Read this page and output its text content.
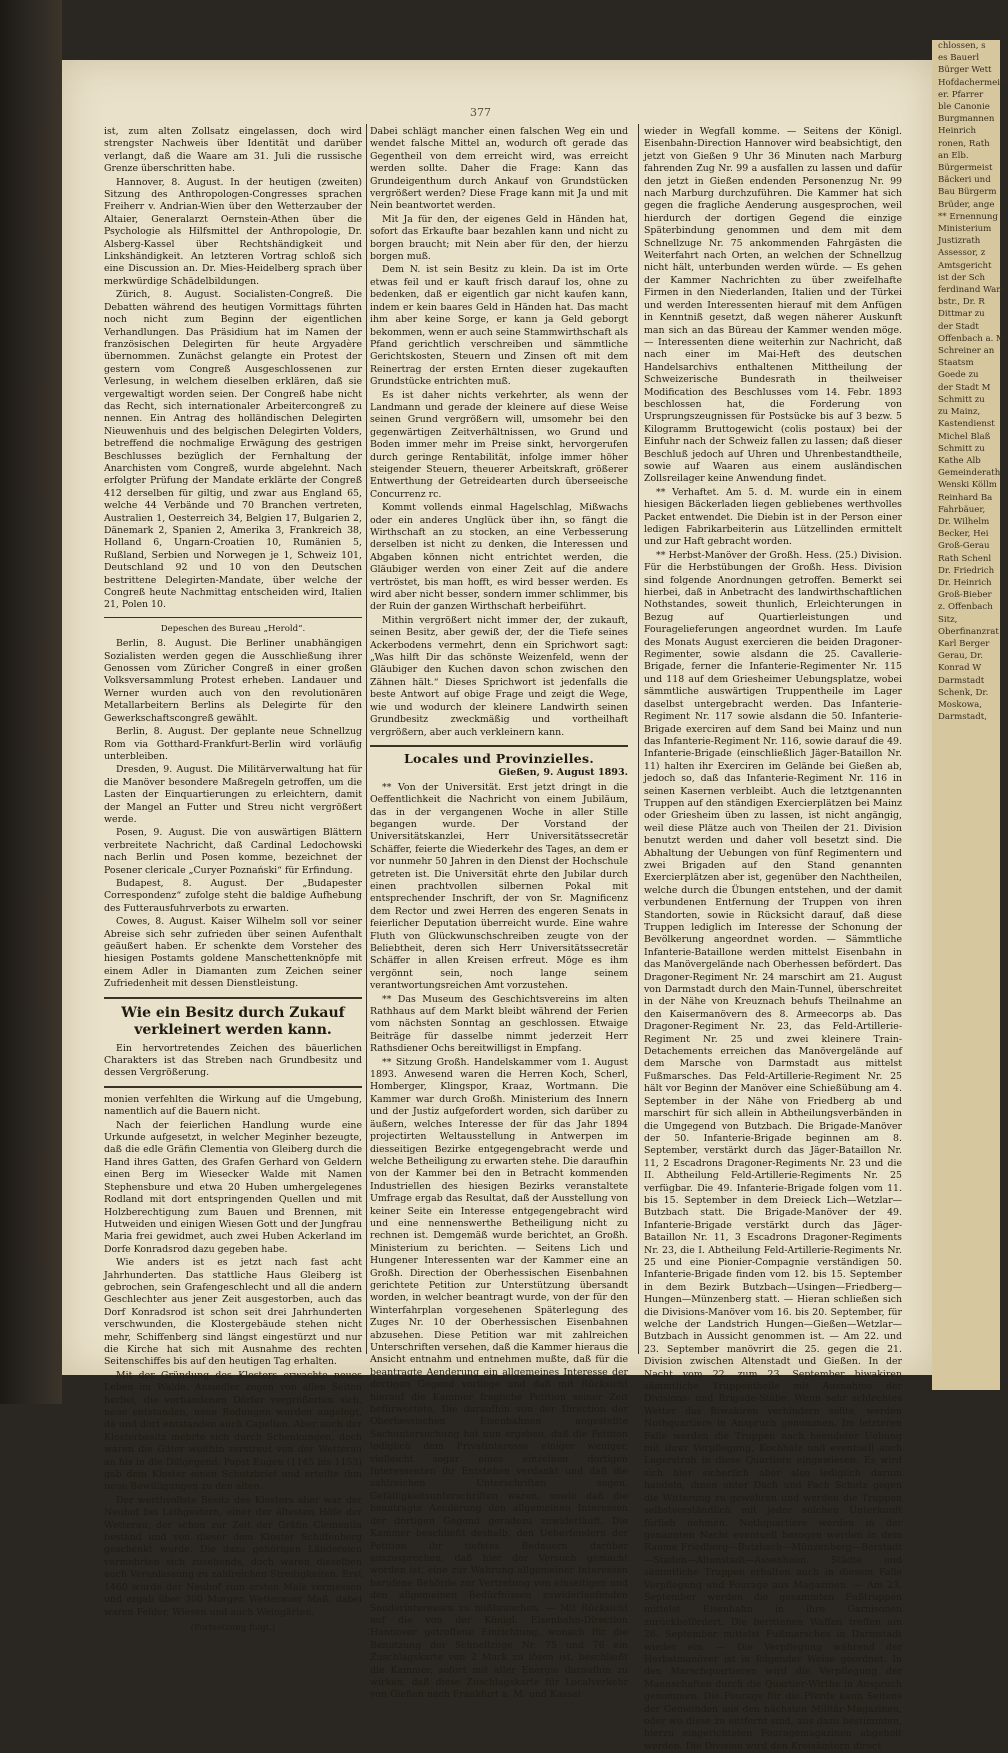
377

ist, zum alten Zollsatz eingelassen, doch wird strengster Nachweis über Identität und darüber verlangt, daß die Waare am 31. Juli die russische Grenze überschritten habe.

Hannover, 8. August. In der heutigen (zweiten) Sitzung des Anthropologen-Congresses sprachen Freiherr v. Andrian-Wien über den Wetterzauber der Altaier, Generalarzt Oernstein-Athen über die Psychologie als Hilfsmittel der Anthropologie, Dr. Alsberg-Kassel über Rechtshändigkeit und Linkshändigkeit. An letzteren Vortrag schloß sich eine Discussion an. Dr. Mies-Heidelberg sprach über merkwürdige Schädelbildungen.

Zürich, 8. August. Socialisten-Congreß. Die Debatten während des heutigen Vormittags führten noch nicht zum Beginn der eigentlichen Verhandlungen. Das Präsidium hat im Namen der französischen Delegirten für heute Argyadère übernommen. Zunächst gelangte ein Protest der gestern vom Congreß Ausgeschlossenen zur Verlesung, in welchem dieselben erklären, daß sie vergewaltigt worden seien. Der Congreß habe nicht das Recht, sich internationaler Arbeitercongreß zu nennen. Ein Antrag des holländischen Delegirten Nieuwenhuis und des belgischen Delegirten Volders, betreffend die nochmalige Erwägung des gestrigen Beschlusses bezüglich der Fernhaltung der Anarchisten vom Congreß, wurde abgelehnt. Nach erfolgter Prüfung der Mandate erklärte der Congreß 412 derselben für giltig, und zwar aus England 65, welche 44 Verbände und 70 Branchen vertreten, Australien 1, Oesterreich 34, Belgien 17, Bulgarien 2, Dänemark 2, Spanien 2, Amerika 3, Frankreich 38, Holland 6, Ungarn-Croatien 10, Rumänien 5, Rußland, Serbien und Norwegen je 1, Schweiz 101, Deutschland 92 und 10 von den Deutschen bestrittene Delegirten-Mandate, über welche der Congreß heute Nachmittag entscheiden wird, Italien 21, Polen 10.

Depeschen des Bureau „Herold“.

Berlin, 8. August. Die Berliner unabhängigen Sozialisten werden gegen die Ausschließung ihrer Genossen vom Züricher Congreß in einer großen Volksversammlung Protest erheben. Landauer und Werner wurden auch von den revolutionären Metallarbeitern Berlins als Delegirte für den Gewerkschaftscongreß gewählt.

Berlin, 8. August. Der geplante neue Schnellzug Rom via Gotthard-Frankfurt-Berlin wird vorläufig unterbleiben.

Dresden, 9. August. Die Militärverwaltung hat für die Manöver besondere Maßregeln getroffen, um die Lasten der Einquartierungen zu erleichtern, damit der Mangel an Futter und Streu nicht vergrößert werde.

Posen, 9. August. Die von auswärtigen Blättern verbreitete Nachricht, daß Cardinal Ledochowski nach Berlin und Posen komme, bezeichnet der Posener clericale „Curyer Poznański“ für Erfindung.

Budapest, 8. August. Der „Budapester Correspondenz“ zufolge steht die baldige Aufhebung des Futterausfuhrverbots zu erwarten.

Cowes, 8. August. Kaiser Wilhelm soll vor seiner Abreise sich sehr zufrieden über seinen Aufenthalt geäußert haben. Er schenkte dem Vorsteher des hiesigen Postamts goldene Manschettenknöpfe mit einem Adler in Diamanten zum Zeichen seiner Zufriedenheit mit dessen Dienstleistung.

Wie ein Besitz durch Zukauf verkleinert werden kann.

Ein hervortretendes Zeichen des bäuerlichen Charakters ist das Streben nach Grundbesitz und dessen Vergrößerung.

monien verfehlten die Wirkung auf die Umgebung, namentlich auf die Bauern nicht.

Nach der feierlichen Handlung wurde eine Urkunde aufgesetzt, in welcher Meginher bezeugte, daß die edle Gräfin Clementia von Gleiberg durch die Hand ihres Gatten, des Grafen Gerhard von Geldern einen Berg im Wiesecker Walde mit Namen Stephensbure und etwa 20 Huben umhergelegenes Rodland mit dort entspringenden Quellen und mit Holzberechtigung zum Bauen und Brennen, mit Hutweiden und einigen Wiesen Gott und der Jungfrau Maria frei gewidmet, auch zwei Huben Ackerland im Dorfe Konradsrod dazu gegeben habe.

Wie anders ist es jetzt nach fast acht Jahrhunderten. Das stattliche Haus Gleiberg ist gebrochen, sein Grafengeschlecht und all die andern Geschlechter aus jener Zeit ausgestorben, auch das Dorf Konradsrod ist schon seit drei Jahrhunderten verschwunden, die Klostergebäude stehen nicht mehr, Schiffenberg sind längst eingestürzt und nur die Kirche hat sich mit Ausnahme des rechten Seitenschiffes bis auf den heutigen Tag erhalten.

Mit der Gründung des Klosters erwachte neues Leben im Walde. Ansiedler zogen von allen Seiten herbei, die vorhandenen Dörfer vergrößerten sich, neue entstanden, neue Rodungen wurden angelegt, da und dort entstanden auch Capellen. Aber auch der Klosterbesitz mehrte sich durch Schenkungen, doch waren die Güter weithin zerstreut von der Wetterau an bis in die Dillgegend. Papst Eugen (1145 bis 1153) gab dem Kloster einen Schutzbrief und erteilte ihm neue Bewilligungen zu den alten.

Der werthvollste Besitz des Klosters aber war der Neuhof bei Leihgestern, einer der ältesten Höfe der Wetterau, der schon zur Zeit der Gräfin Clementia bestand und von dieser dem Kloster Schiffenberg geschenkt wurde. Die dazu gehörigen Ländereien vermehrten sich zusehends, doch waren dieselben auch Veranlassung zu zahlreichen Streitigkeiten. Erst 1460 wurde der Neuhof zum ersten Male vermessen und ergab über 300 Morgen Wetterauer Maß, dabei waren Felder, Wiesen und auch Weingärten.

(Fortsetzung folgt.)

Dabei schlägt mancher einen falschen Weg ein und wendet falsche Mittel an, wodurch oft gerade das Gegentheil von dem erreicht wird, was erreicht werden sollte. Daher die Frage: Kann das Grundeigenthum durch Ankauf von Grundstücken vergrößert werden? Diese Frage kann mit Ja und mit Nein beantwortet werden.

Mit Ja für den, der eigenes Geld in Händen hat, sofort das Erkaufte baar bezahlen kann und nicht zu borgen braucht; mit Nein aber für den, der hierzu borgen muß.

Dem N. ist sein Besitz zu klein. Da ist im Orte etwas feil und er kauft frisch darauf los, ohne zu bedenken, daß er eigentlich gar nicht kaufen kann, indem er kein baares Geld in Händen hat. Das macht ihm aber keine Sorge, er kann ja Geld geborgt bekommen, wenn er auch seine Stammwirthschaft als Pfand gerichtlich verschreiben und sämmtliche Gerichtskosten, Steuern und Zinsen oft mit dem Reinertrag der ersten Ernten dieser zugekauften Grundstücke entrichten muß.

Es ist daher nichts verkehrter, als wenn der Landmann und gerade der kleinere auf diese Weise seinen Grund vergrößern will, umsomehr bei den gegenwärtigen Zeitverhältnissen, wo Grund und Boden immer mehr im Preise sinkt, hervorgerufen durch geringe Rentabilität, infolge immer höher steigender Steuern, theuerer Arbeitskraft, größerer Entwerthung der Getreidearten durch überseeische Concurrenz rc.

Kommt vollends einmal Hagelschlag, Mißwachs oder ein anderes Unglück über ihn, so fängt die Wirthschaft an zu stocken, an eine Verbesserung derselben ist nicht zu denken, die Interessen und Abgaben können nicht entrichtet werden, die Gläubiger werden von einer Zeit auf die andere vertröstet, bis man hofft, es wird besser werden. Es wird aber nicht besser, sondern immer schlimmer, bis der Ruin der ganzen Wirthschaft herbeiführt.

Mithin vergrößert nicht immer der, der zukauft, seinen Besitz, aber gewiß der, der die Tiefe seines Ackerbodens vermehrt, denn ein Sprichwort sagt: „Was hilft Dir das schönste Weizenfeld, wenn der Gläubiger den Kuchen davon schon zwischen den Zähnen hält.“ Dieses Sprichwort ist jedenfalls die beste Antwort auf obige Frage und zeigt die Wege, wie und wodurch der kleinere Landwirth seinen Grundbesitz zweckmäßig und vortheilhaft vergrößern, aber auch verkleinern kann.

Locales und Provinzielles.
Gießen, 9. August 1893.

** Von der Universität. Erst jetzt dringt in die Oeffentlichkeit die Nachricht von einem Jubiläum, das in der vergangenen Woche in aller Stille begangen wurde. Der Vorstand der Universitätskanzlei, Herr Universitätssecretär Schäffer, feierte die Wiederkehr des Tages, an dem er vor nunmehr 50 Jahren in den Dienst der Hochschule getreten ist. Die Universität ehrte den Jubilar durch einen prachtvollen silbernen Pokal mit entsprechender Inschrift, der von Sr. Magnificenz dem Rector und zwei Herren des engeren Senats in feierlicher Deputation überreicht wurde. Eine wahre Fluth von Glückwunschschreiben zeugte von der Beliebtheit, deren sich Herr Universitätssecretär Schäffer in allen Kreisen erfreut. Möge es ihm vergönnt sein, noch lange seinem verantwortungsreichen Amt vorzustehen.

** Das Museum des Geschichtsvereins im alten Rathhaus auf dem Markt bleibt während der Ferien vom nächsten Sonntag an geschlossen. Etwaige Beiträge für dasselbe nimmt jederzeit Herr Rathsdiener Ochs bereitwilligst in Empfang.

** Sitzung Großh. Handelskammer vom 1. August 1893. Anwesend waren die Herren Koch, Scherl, Homberger, Klingspor, Kraaz, Wortmann. Die Kammer war durch Großh. Ministerium des Innern und der Justiz aufgefordert worden, sich darüber zu äußern, welches Interesse der für das Jahr 1894 projectirten Weltausstellung in Antwerpen im diesseitigen Bezirke entgegengebracht werde und welche Betheiligung zu erwarten stehe. Die daraufhin von der Kammer bei den in Betracht kommenden Industriellen des hiesigen Bezirks veranstaltete Umfrage ergab das Resultat, daß der Ausstellung von keiner Seite ein Interesse entgegengebracht wird und eine nennenswerthe Betheiligung nicht zu rechnen ist. Demgemäß wurde berichtet, an Großh. Ministerium zu berichten. — Seitens Lich und Hungener Interessenten war der Kammer eine an Großh. Direction der Oberhessischen Eisenbahnen gerichtete Petition zur Unterstützung übersandt worden, in welcher beantragt wurde, von der für den Winterfahrplan vorgesehenen Späterlegung des Zuges Nr. 10 der Oberhessischen Eisenbahnen abzusehen. Diese Petition war mit zahlreichen Unterschriften versehen, daß die Kammer hieraus die Ansicht entnahm und entnehmen mußte, daß für die beantragte Aenderung ein allgemeines Interesse der dortigen Gegend vorliege und daß mit Rücksicht hierauf die Kammer fragliche Petition seiner Zeit befürwortete. Die daraufhin von der Direction der Oberhessischen Eisenbahnen angestellte Sachuntersuchung hat nun ergeben, daß die Petition lediglich dem Privatinteresse einiger weniger, vielleicht sogar eines einzelnen dortigen Interessenten ihr Entstehen verdankt und daß die zahlreichen Unterschriften sogen. Gefälligkeitsunterschriften waren, sowie daß die beantragte Aenderung den allgemeinen Interessen der dortigen Gegend geradezu zuwiderläuft. Die Kammer beschließt deshalb, den Ueberfendern der Petition ihr tiefstes Bedauern darüber auszusprechen, daß hier der Versuch gemacht worden ist, eine zur Wahrung allgemeiner Interessen berufene Behörde zur Vertretung von einseitigen und den allgemeinen Bedürfnissen zuwiderlaufenden Sonderinteressen zu mißbrauchen. — Mit Rücksicht auf die von der Königl. Eisenbahn-Direction Hannover getroffene Einrichtung, wonach für die Benutzung der Schnellzüge Nr. 75 und 76 ein Zuschlagskarte von 2 Mark zu lösen ist, beschließt die Kammer, sofort mit aller Energie daraufhin zu wirken, daß diese Zuschlagskarte für Localverkehr von Gießen nach Frankfurt a. M. und Kassel

wieder in Wegfall komme. — Seitens der Königl. Eisenbahn-Direction Hannover wird beabsichtigt, den jetzt von Gießen 9 Uhr 36 Minuten nach Marburg fahrenden Zug Nr. 99 a ausfallen zu lassen und dafür den jetzt in Gießen endenden Personenzug Nr. 99 nach Marburg durchzuführen. Die Kammer hat sich gegen die fragliche Aenderung ausgesprochen, weil hierdurch der dortigen Gegend die einzige Späterbindung genommen und dem mit dem Schnellzuge Nr. 75 ankommenden Fahrgästen die Weiterfahrt nach Orten, an welchen der Schnellzug nicht hält, unterbunden werden würde. — Es gehen der Kammer Nachrichten zu über zweifelhafte Firmen in den Niederlanden, Italien und der Türkei und werden Interessenten hierauf mit dem Anfügen in Kenntniß gesetzt, daß wegen näherer Auskunft man sich an das Büreau der Kammer wenden möge. — Interessenten diene weiterhin zur Nachricht, daß nach einer im Mai-Heft des deutschen Handelsarchivs enthaltenen Mittheilung der Schweizerische Bundesrath in theilweiser Modification des Beschlusses vom 14. Febr. 1893 beschlossen hat, die Forderung von Ursprungszeugnissen für Postsücke bis auf 3 bezw. 5 Kilogramm Bruttogewicht (colis postaux) bei der Einfuhr nach der Schweiz fallen zu lassen; daß dieser Beschluß jedoch auf Uhren und Uhrenbestandtheile, sowie auf Waaren aus einem ausländischen Zollsreilager keine Anwendung findet.

** Verhaftet. Am 5. d. M. wurde ein in einem hiesigen Bäckerladen liegen gebliebenes werthvolles Packet entwendet. Die Diebin ist in der Person einer ledigen Fabrikarbeiterin aus Lützellinden ermittelt und zur Haft gebracht worden.

** Herbst-Manöver der Großh. Hess. (25.) Division. Für die Herbstübungen der Großh. Hess. Division sind folgende Anordnungen getroffen. Bemerkt sei hierbei, daß in Anbetracht des landwirthschaftlichen Nothstandes, soweit thunlich, Erleichterungen in Bezug auf Quartierleistungen und Fouragelieferungen angeordnet wurden. Im Laufe des Monats August exercieren die beiden Dragoner-Regimenter, sowie alsdann die 25. Cavallerie-Brigade, ferner die Infanterie-Regimenter Nr. 115 und 118 auf dem Griesheimer Uebungsplatze, wobei sämmtliche auswärtigen Truppentheile im Lager daselbst untergebracht werden. Das Infanterie-Regiment Nr. 117 sowie alsdann die 50. Infanterie-Brigade exerciren auf dem Sand bei Mainz und nun das Infanterie-Regiment Nr. 116, sowie darauf die 49. Infanterie-Brigade (einschließlich Jäger-Bataillon Nr. 11) halten ihr Exerciren im Gelände bei Gießen ab, jedoch so, daß das Infanterie-Regiment Nr. 116 in seinen Kasernen verbleibt. Auch die letztgenannten Truppen auf den ständigen Exercierplätzen bei Mainz oder Griesheim üben zu lassen, ist nicht angängig, weil diese Plätze auch von Theilen der 21. Division benutzt werden und daher voll besetzt sind. Die Abhaltung der Uebungen von fünf Regimentern und zwei Brigaden auf den Stand genannten Exercierplätzen aber ist, gegenüber den Nachtheilen, welche durch die Übungen entstehen, und der damit verbundenen Entfernung der Truppen von ihren Standorten, sowie in Rücksicht darauf, daß diese Truppen lediglich im Interesse der Schonung der Bevölkerung angeordnet worden. — Sämmtliche Infanterie-Bataillone werden mittelst Eisenbahn in das Manövergelände nach Oberhessen befördert. Das Dragoner-Regiment Nr. 24 marschirt am 21. August von Darmstadt durch den Main-Tunnel, überschreitet in der Nähe von Kreuznach behufs Theilnahme an den Kaisermanövern des 8. Armeecorps ab. Das Dragoner-Regiment Nr. 23, das Feld-Artillerie-Regiment Nr. 25 und zwei kleinere Train-Detachements erreichen das Manövergelände auf dem Marsche von Darmstadt aus mittelst Fußmarsches. Das Feld-Artillerie-Regiment Nr. 25 hält vor Beginn der Manöver eine Schießübung am 4. September in der Nähe von Friedberg ab und marschirt für sich allein in Abtheilungsverbänden in die Umgegend von Butzbach. Die Brigade-Manöver der 50. Infanterie-Brigade beginnen am 8. September, verstärkt durch das Jäger-Bataillon Nr. 11, 2 Escadrons Dragoner-Regiments Nr. 23 und die II. Abtheilung Feld-Artillerie-Regiments Nr. 25 verfügbar. Die 49. Infanterie-Brigade folgen vom 11. bis 15. September in dem Dreieck Lich—Wetzlar—Butzbach statt. Die Brigade-Manöver der 49. Infanterie-Brigade verstärkt durch das Jäger-Bataillon Nr. 11, 3 Escadrons Dragoner-Regiments Nr. 23, die I. Abtheilung Feld-Artillerie-Regiments Nr. 25 und eine Pionier-Compagnie verständigen 50. Infanterie-Brigade finden vom 12. bis 15. September in dem Bezirk Butzbach—Usingen—Friedberg—Hungen—Münzenberg statt. — Hieran schließen sich die Divisions-Manöver vom 16. bis 20. September, für welche der Landstrich Hungen—Gießen—Wetzlar—Butzbach in Aussicht genommen ist. — Am 22. und 23. September manövrirt die 25. gegen die 21. Division zwischen Altenstadt und Gießen. In der Nacht vom 22. zum 23. September biwakiren sämmtliche Truppentheile mit Ausnahme der Divisions- und Brigade-Stäbe. Wenn sehr schlechtes Wetter das Biwakiren verhindern sollte, werden Nothquartiere in Anspruch genommen. Im letzteren Falle werden die Truppen nach beendeter Uebung mit ihrer Verpflegung, Kochholz und eventuell auch Lagerstroh in diese Quartiere eingewiesen. Es wird sich hier sicherlich aber also lediglich darum handeln, ihnen unter Dach und Fach Schutz gegen die Witterung zu gewähren und werden die Truppen selbstverständlich mit jeder solchen Unterkunft fürlieb nehmen. Nothquartiere werden in der genannten Nacht eventuell bezogen werden in dem Raume Friedberg—Butzbach—Münzenberg—Berstadt—Staden—Altenstadt—Assenheim. Städte und sämmtliche Truppen erhalten auch in diesem Falle Verpflegung und Fourage aus Magazinen. — Am 23. September werden die gesammten Fußtruppen mittelst Eisenbahn in ihre Garnisonen zurückbefördert. Die berittenen Waffen treffen am 26. September mittelst Fußmarsches in Darmstadt wieder ein. — Die Verpflegung während der Herbstmanöver ist in folgender Weise geordnet. In den Marschquartieren wird die Verpflegung der Mannschaften durch die Quartier-Wirthe in Anspruch genommen. Die Fourage für die Pferde kann Seitens der Gemeinden aus den nächsten Militär-Magazinen, oder wo diese zu entfernt sind, aus dazu bestimmten, hierzu eingerichteten Fouragemagazinen abgeholt werden. Die Division wird den Kreisämtern direct

chlossen, s
es Bauerl
Bürger Wett
Hofdachermeist
er. Pfarrer
ble Canonie
Burgmannen
Heinrich
ronen, Rath
an Elb.
Bürgermeist
Bäckeri und
Bau Bürgerm
Brüder, ange
** Ernennung
Ministerium
Justizrath
Assessor, z
Amtsgericht
ist der Sch
ferdinand Wam
bstr., Dr. R
Dittmar zu
der Stadt
Offenbach a. M
Schreiner an
Staatsm
Goede zu
der Stadt M
Schmitt zu
zu Mainz,
Kastendienst
Michel Blaß
Schmitt zu
Kathe Alb
Gemeinderath
Wenski Köllm
Reinhard Ba
Fahrbäuer,
Dr. Wilhelm
Becker, Hei
Groß-Gerau
Rath Schenl
Dr. Friedrich
Dr. Heinrich
Groß-Bieber
z. Offenbach
Sitz,
Oberfinanzrat
Karl Berger
Gerau, Dr.
Konrad W
Darmstadt
Schenk, Dr.
Moskowa,
Darmstadt,
